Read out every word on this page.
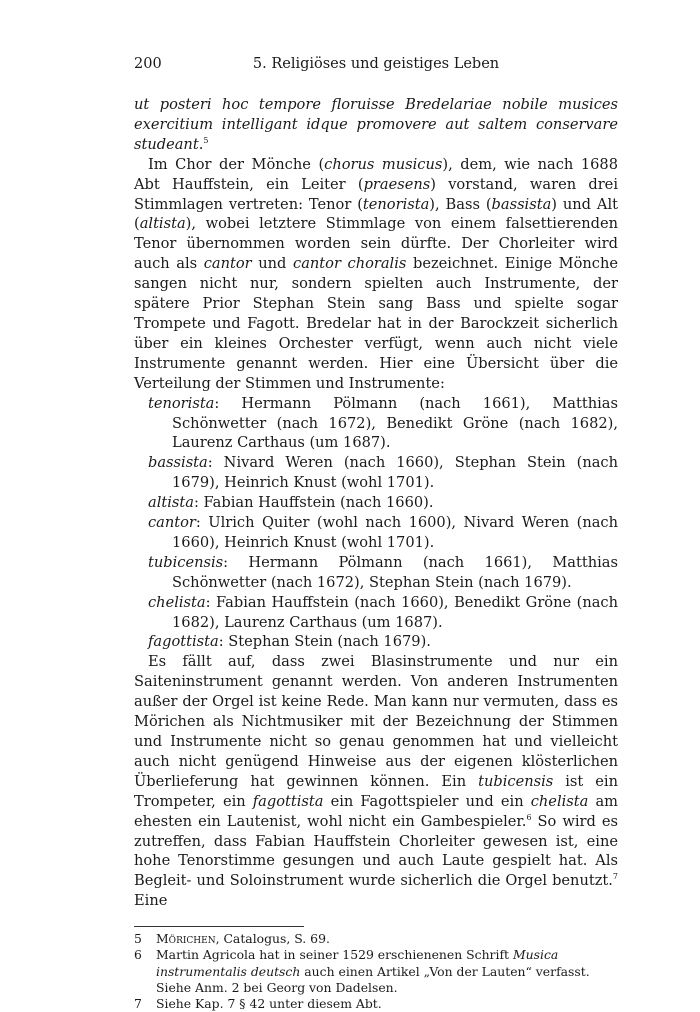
200	5. Religiöses und geistiges Leben

ut posteri hoc tempore floruisse Bredelariae nobile musices exercitium intelligant idque promovere aut saltem conservare studeant.$^5$

Im Chor der Mönche (chorus musicus), dem, wie nach 1688 Abt Hauffstein, ein Leiter (praesens) vorstand, waren drei Stimmlagen vertreten: Tenor (tenorista), Bass (bassista) und Alt (altista), wobei letztere Stimmlage von einem falsettierenden Tenor übernommen worden sein dürfte. Der Chorleiter wird auch als cantor und cantor choralis bezeichnet. Einige Mönche sangen nicht nur, sondern spielten auch Instrumente, der spätere Prior Stephan Stein sang Bass und spielte sogar Trompete und Fagott. Bredelar hat in der Barockzeit sicherlich über ein kleines Orchester verfügt, wenn auch nicht viele Instrumente genannt werden. Hier eine Übersicht über die Verteilung der Stimmen und Instrumente:

tenorista: Hermann Pölmann (nach 1661), Matthias Schönwetter (nach 1672), Benedikt Gröne (nach 1682), Laurenz Carthaus (um 1687).

bassista: Nivard Weren (nach 1660), Stephan Stein (nach 1679), Heinrich Knust (wohl 1701).

altista: Fabian Hauffstein (nach 1660).

cantor: Ulrich Quiter (wohl nach 1600), Nivard Weren (nach 1660), Heinrich Knust (wohl 1701).

tubicensis: Hermann Pölmann (nach 1661), Matthias Schönwetter (nach 1672), Stephan Stein (nach 1679).

chelista: Fabian Hauffstein (nach 1660), Benedikt Gröne (nach 1682), Laurenz Carthaus (um 1687).

fagottista: Stephan Stein (nach 1679).

Es fällt auf, dass zwei Blasinstrumente und nur ein Saiteninstrument genannt werden. Von anderen Instrumenten außer der Orgel ist keine Rede. Man kann nur vermuten, dass es Mörichen als Nichtmusiker mit der Bezeichnung der Stimmen und Instrumente nicht so genau genommen hat und vielleicht auch nicht genügend Hinweise aus der eigenen klösterlichen Überlieferung hat gewinnen können. Ein tubicensis ist ein Trompeter, ein fagottista ein Fagottspieler und ein chelista am ehesten ein Lautenist, wohl nicht ein Gambespieler.$^6$ So wird es zutreffen, dass Fabian Hauffstein Chorleiter gewesen ist, eine hohe Tenorstimme gesungen und auch Laute gespielt hat. Als Begleit- und Soloinstrument wurde sicherlich die Orgel benutzt.$^7$ Eine

5 Mörichen, Catalogus, S. 69.
6 Martin Agricola hat in seiner 1529 erschienenen Schrift Musica instrumentalis deutsch auch einen Artikel „Von der Lauten“ verfasst. Siehe Anm. 2 bei Georg von Dadelsen.
7 Siehe Kap. 7 § 42 unter diesem Abt.
